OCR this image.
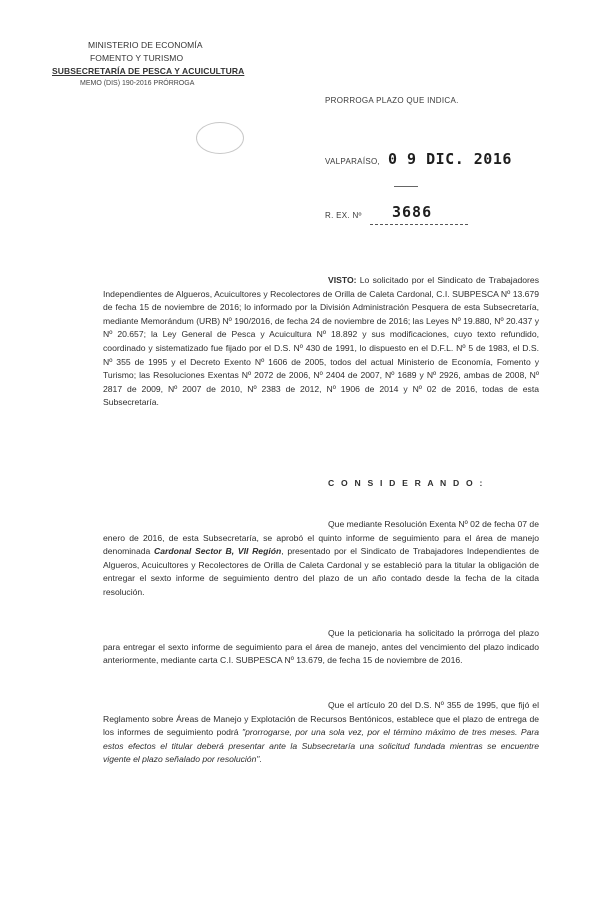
MINISTERIO DE ECONOMÍA
FOMENTO Y TURISMO
SUBSECRETARÍA DE PESCA Y ACUICULTURA
MEMO (DIS) 190-2016 PRÓRROGA
PRORROGA PLAZO QUE INDICA.
VALPARAÍSO, 0 9 DIC. 2016
R. EX. Nº 3686

VISTO: Lo solicitado por el Sindicato de Trabajadores Independientes de Algueros, Acuicultores y Recolectores de Orilla de Caleta Cardonal, C.I. SUBPESCA Nº 13.679 de fecha 15 de noviembre de 2016; lo informado por la División Administración Pesquera de esta Subsecretaría, mediante Memorándum (URB) Nº 190/2016, de fecha 24 de noviembre de 2016; las Leyes Nº 19.880, Nº 20.437 y Nº 20.657; la Ley General de Pesca y Acuicultura Nº 18.892 y sus modificaciones, cuyo texto refundido, coordinado y sistematizado fue fijado por el D.S. Nº 430 de 1991, lo dispuesto en el D.F.L. Nº 5 de 1983, el D.S. Nº 355 de 1995 y el Decreto Exento Nº 1606 de 2005, todos del actual Ministerio de Economía, Fomento y Turismo; las Resoluciones Exentas Nº 2072 de 2006, Nº 2404 de 2007, Nº 1689 y Nº 2926, ambas de 2008, Nº 2817 de 2009, Nº 2007 de 2010, Nº 2383 de 2012, Nº 1906 de 2014 y Nº 02 de 2016, todas de esta Subsecretaría.

C O N S I D E R A N D O :

Que mediante Resolución Exenta Nº 02 de fecha 07 de enero de 2016, de esta Subsecretaría, se aprobó el quinto informe de seguimiento para el área de manejo denominada Cardonal Sector B, VII Región, presentado por el Sindicato de Trabajadores Independientes de Algueros, Acuicultores y Recolectores de Orilla de Caleta Cardonal y se estableció para la titular la obligación de entregar el sexto informe de seguimiento dentro del plazo de un año contado desde la fecha de la citada resolución.

Que la peticionaria ha solicitado la prórroga del plazo para entregar el sexto informe de seguimiento para el área de manejo, antes del vencimiento del plazo indicado anteriormente, mediante carta C.I. SUBPESCA Nº 13.679, de fecha 15 de noviembre de 2016.

Que el artículo 20 del D.S. Nº 355 de 1995, que fijó el Reglamento sobre Áreas de Manejo y Explotación de Recursos Bentónicos, establece que el plazo de entrega de los informes de seguimiento podrá "prorrogarse, por una sola vez, por el término máximo de tres meses. Para estos efectos el titular deberá presentar ante la Subsecretaría una solicitud fundada mientras se encuentre vigente el plazo señalado por resolución".
